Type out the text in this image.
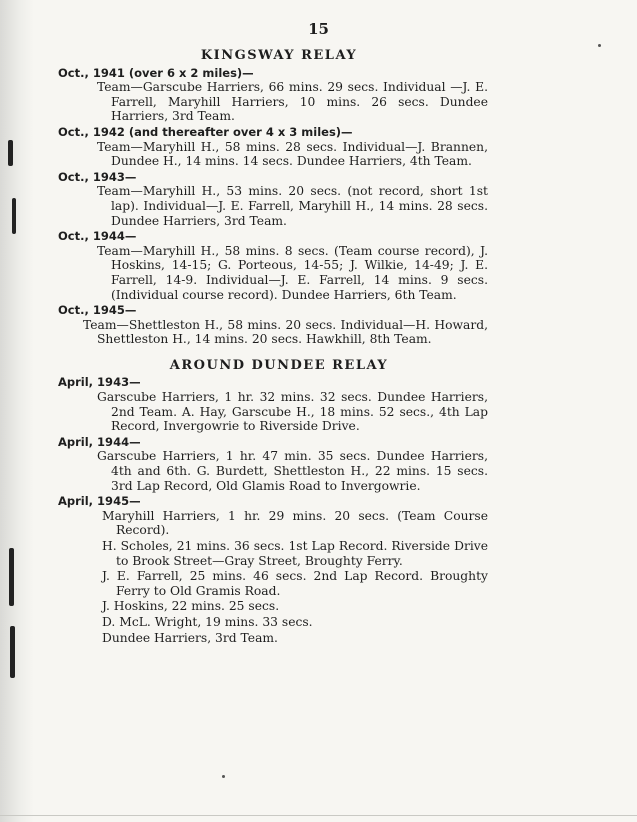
15
KINGSWAY RELAY
Oct., 1941 (over 6 x 2 miles)—
Team—Garscube Harriers, 66 mins. 29 secs. Individual —J. E. Farrell, Maryhill Harriers, 10 mins. 26 secs. Dundee Harriers, 3rd Team.
Oct., 1942 (and thereafter over 4 x 3 miles)—
Team—Maryhill H., 58 mins. 28 secs. Individual—J. Brannen, Dundee H., 14 mins. 14 secs. Dundee Harriers, 4th Team.
Oct., 1943—
Team—Maryhill H., 53 mins. 20 secs. (not record, short 1st lap). Individual—J. E. Farrell, Maryhill H., 14 mins. 28 secs. Dundee Harriers, 3rd Team.
Oct., 1944—
Team—Maryhill H., 58 mins. 8 secs. (Team course record), J. Hoskins, 14-15; G. Porteous, 14-55; J. Wilkie, 14-49; J. E. Farrell, 14-9. Individual—J. E. Farrell, 14 mins. 9 secs. (Individual course record). Dundee Harriers, 6th Team.
Oct., 1945—
Team—Shettleston H., 58 mins. 20 secs. Individual—H. Howard, Shettleston H., 14 mins. 20 secs. Hawkhill, 8th Team.
AROUND DUNDEE RELAY
April, 1943—
Garscube Harriers, 1 hr. 32 mins. 32 secs. Dundee Harriers, 2nd Team. A. Hay, Garscube H., 18 mins. 52 secs., 4th Lap Record, Invergowrie to Riverside Drive.
April, 1944—
Garscube Harriers, 1 hr. 47 min. 35 secs. Dundee Harriers, 4th and 6th. G. Burdett, Shettleston H., 22 mins. 15 secs. 3rd Lap Record, Old Glamis Road to Invergowrie.
April, 1945—
Maryhill Harriers, 1 hr. 29 mins. 20 secs. (Team Course Record).
H. Scholes, 21 mins. 36 secs. 1st Lap Record. Riverside Drive to Brook Street—Gray Street, Broughty Ferry.
J. E. Farrell, 25 mins. 46 secs. 2nd Lap Record. Broughty Ferry to Old Gramis Road.
J. Hoskins, 22 mins. 25 secs.
D. McL. Wright, 19 mins. 33 secs.
Dundee Harriers, 3rd Team.
